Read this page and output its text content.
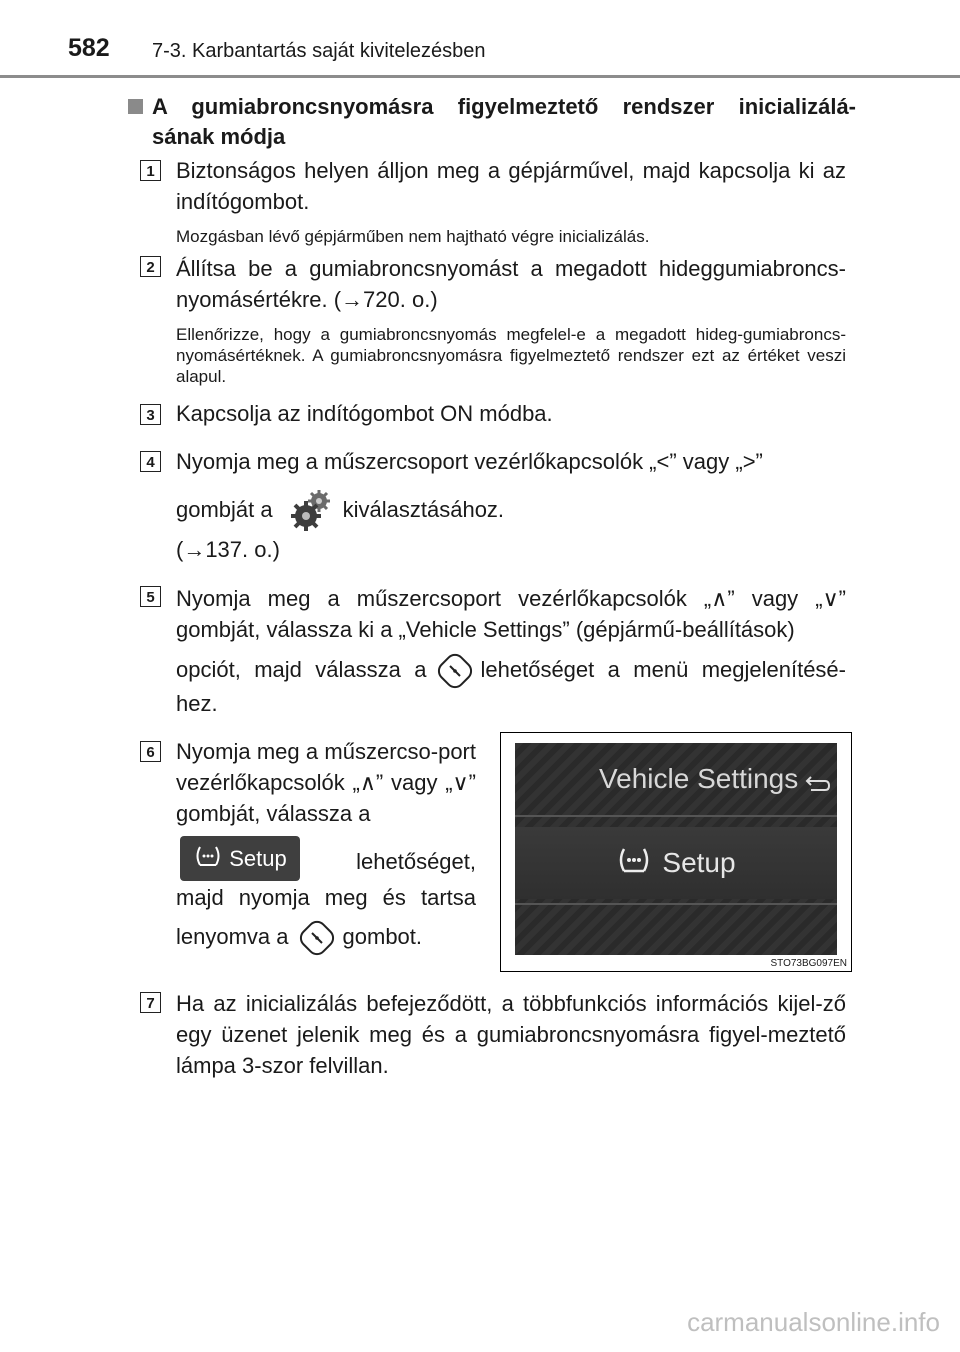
582 7-3. Karbantartás saját kivitelezésben
A gumiabroncsnyomásra figyelmeztető rendszer inicializálá-
sának módja
1 Biztonságos helyen álljon meg a gépjárművel, majd kapcsolja ki az indítógombot.
Mozgásban lévő gépjárműben nem hajtható végre inicializálás.
2 Állítsa be a gumiabroncsnyomást a megadott hideggumiabroncs-nyomásértékre. (→720. o.)
Ellenőrizze, hogy a gumiabroncsnyomás megfelel-e a megadott hideg-gumiabroncs-nyomásértéknek. A gumiabroncsnyomásra figyelmeztető rendszer ezt az értéket veszi alapul.
3 Kapcsolja az indítógombot ON módba.
4 Nyomja meg a műszercsoport vezérlőkapcsolók „<” vagy „>”
gombját a	kiválasztásához.
(→137. o.)
5 Nyomja meg a műszercsoport vezérlőkapcsolók „∧” vagy „∨” gombját, válassza ki a „Vehicle Settings” (gépjármű-beállítások)
opciót, majd válassza a lehetőséget a menü megjelenítésé-
hez.
6 Nyomja meg a műszercso-port vezérlőkapcsolók „∧” vagy „∨” gombját, válassza a
Setup	lehetőséget,
majd nyomja meg és tartsa
lenyomva a gombot.
Vehicle Settings
Setup
STO73BG097EN
7 Ha az inicializálás befejeződött, a többfunkciós információs kijel-ző egy üzenet jelenik meg és a gumiabroncsnyomásra figyel-meztető lámpa 3-szor felvillan.
carmanualsonline.info
